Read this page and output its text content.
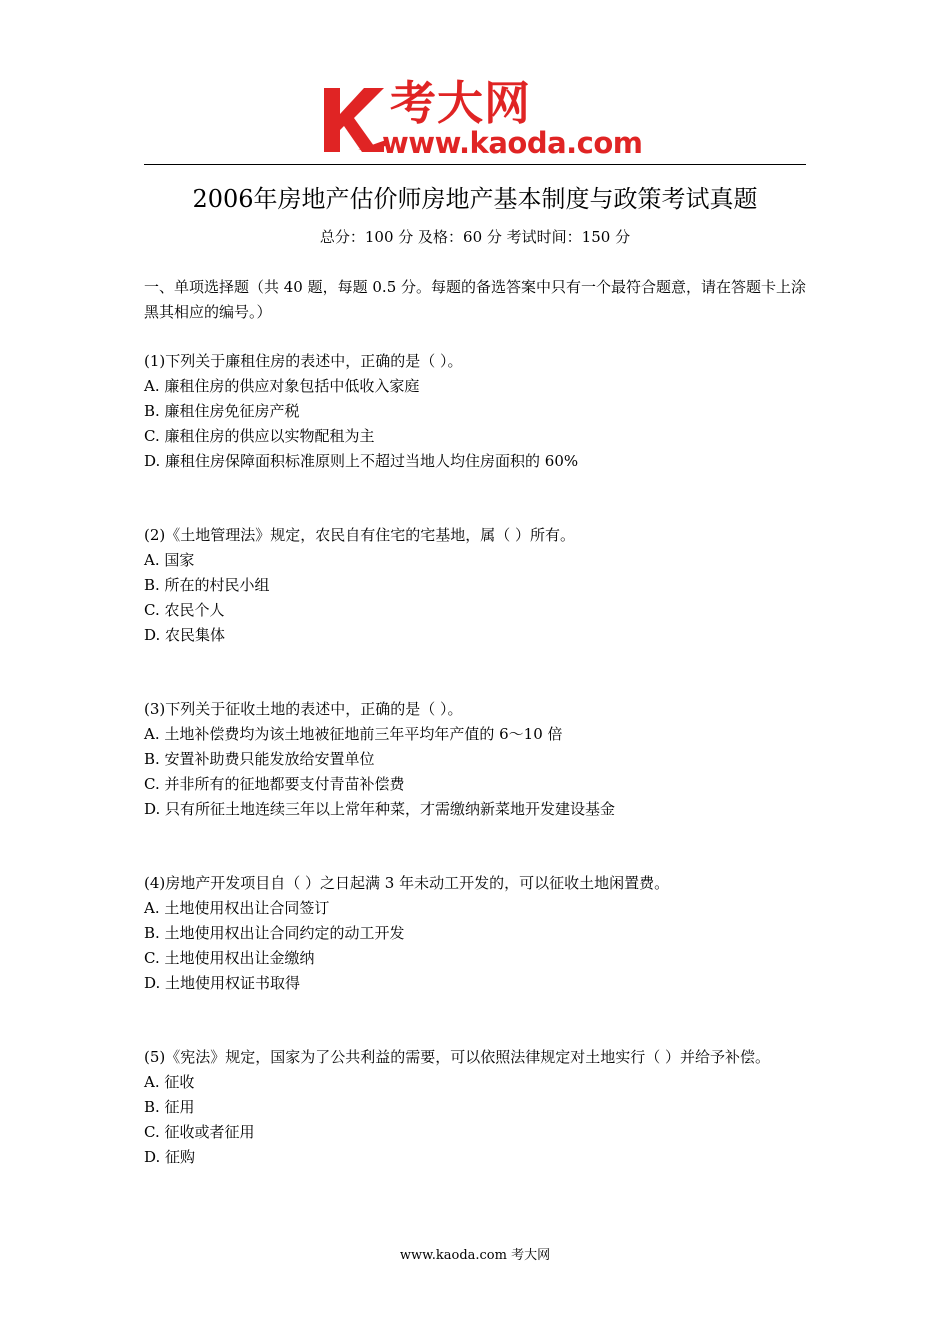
考大网
www.kaoda.com
2006年房地产估价师房地产基本制度与政策考试真题
总分：100 分 及格：60 分 考试时间：150 分
一、单项选择题（共 40 题，每题 0.5 分。每题的备选答案中只有一个最符合题意，请在答题卡上涂黑其相应的编号。）
(1)下列关于廉租住房的表述中，正确的是（ ）。
A. 廉租住房的供应对象包括中低收入家庭
B. 廉租住房免征房产税
C. 廉租住房的供应以实物配租为主
D. 廉租住房保障面积标准原则上不超过当地人均住房面积的 60%
(2)《土地管理法》规定，农民自有住宅的宅基地，属（ ）所有。
A. 国家
B. 所在的村民小组
C. 农民个人
D. 农民集体
(3)下列关于征收土地的表述中，正确的是（ ）。
A. 土地补偿费均为该土地被征地前三年平均年产值的 6～10 倍
B. 安置补助费只能发放给安置单位
C. 并非所有的征地都要支付青苗补偿费
D. 只有所征土地连续三年以上常年种菜，才需缴纳新菜地开发建设基金
(4)房地产开发项目自（ ）之日起满 3 年未动工开发的，可以征收土地闲置费。
A. 土地使用权出让合同签订
B. 土地使用权出让合同约定的动工开发
C. 土地使用权出让金缴纳
D. 土地使用权证书取得
(5)《宪法》规定，国家为了公共利益的需要，可以依照法律规定对土地实行（ ）并给予补偿。
A. 征收
B. 征用
C. 征收或者征用
D. 征购
www.kaoda.com 考大网
